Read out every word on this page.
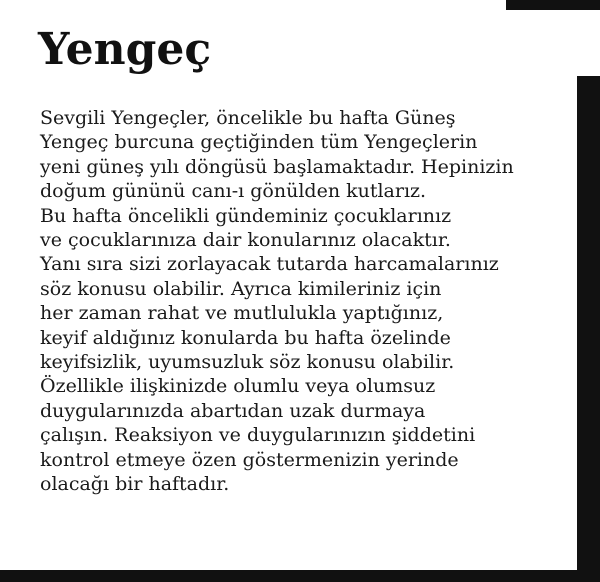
Yengeç
Sevgili Yengeçler, öncelikle bu hafta Güneş
Yengeç burcuna geçtiğinden tüm Yengeçlerin
yeni güneş yılı döngüsü başlamaktadır. Hepinizin
doğum gününü canı-ı gönülden kutlarız.
Bu hafta öncelikli gündeminiz çocuklarınız
ve çocuklarınıza dair konularınız olacaktır.
Yanı sıra sizi zorlayacak tutarda harcamalarınız
söz konusu olabilir. Ayrıca kimileriniz için
her zaman rahat ve mutlulukla yaptığınız,
keyif aldığınız konularda bu hafta özelinde
keyifsizlik, uyumsuzluk söz konusu olabilir.
Özellikle ilişkinizde olumlu veya olumsuz
duygularınızda abartıdan uzak durmaya
çalışın. Reaksiyon ve duygularınızın şiddetini
kontrol etmeye özen göstermenizin yerinde
olacağı bir haftadır.
